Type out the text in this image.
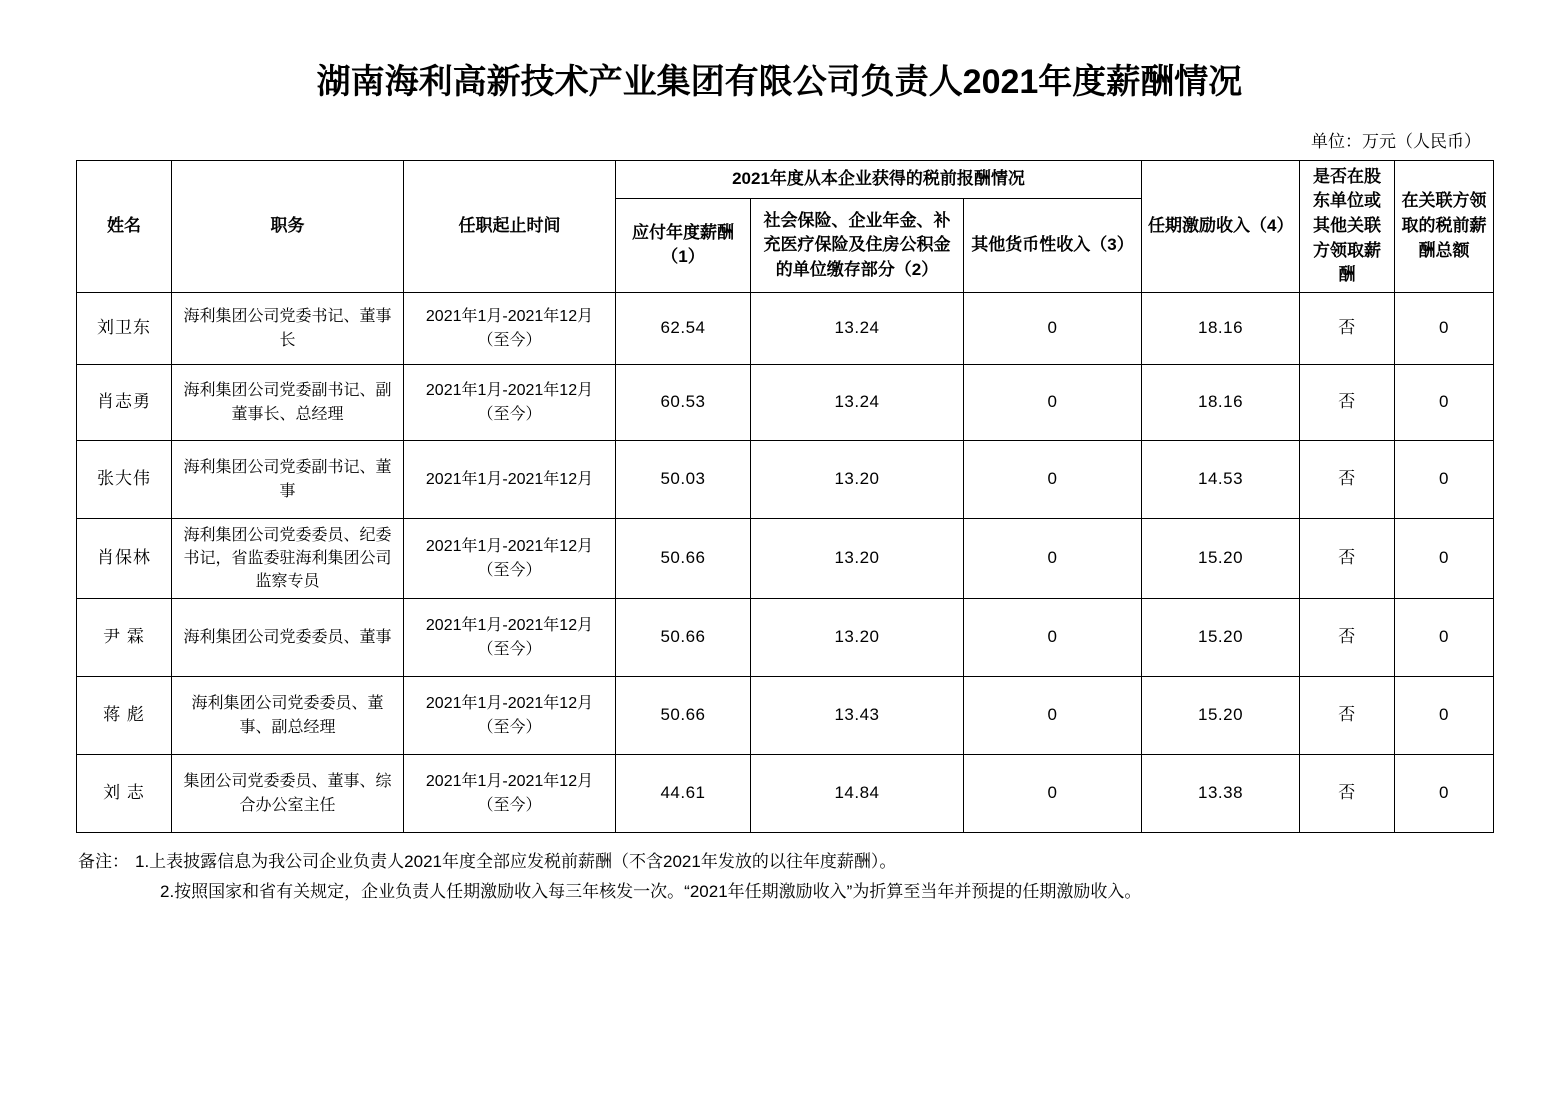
湖南海利高新技术产业集团有限公司负责人2021年度薪酬情况
单位：万元（人民币）
姓名	职务	任职起止时间	2021年度从本企业获得的税前报酬情况			任期激励收入（4）	是否在股东单位或其他关联方领取薪酬	在关联方领取的税前薪酬总额
			应付年度薪酬（1）	社会保险、企业年金、补充医疗保险及住房公积金的单位缴存部分（2）	其他货币性收入（3）			
刘卫东	海利集团公司党委书记、董事长	2021年1月-2021年12月（至今）	62.54	13.24	0	18.16	否	0
肖志勇	海利集团公司党委副书记、副董事长、总经理	2021年1月-2021年12月（至今）	60.53	13.24	0	18.16	否	0
张大伟	海利集团公司党委副书记、董事	2021年1月-2021年12月	50.03	13.20	0	14.53	否	0
肖保林	海利集团公司党委委员、纪委书记，省监委驻海利集团公司监察专员	2021年1月-2021年12月（至今）	50.66	13.20	0	15.20	否	0
尹 霖	海利集团公司党委委员、董事	2021年1月-2021年12月（至今）	50.66	13.20	0	15.20	否	0
蒋 彪	海利集团公司党委委员、董事、副总经理	2021年1月-2021年12月（至今）	50.66	13.43	0	15.20	否	0
刘 志	集团公司党委委员、董事、综合办公室主任	2021年1月-2021年12月（至今）	44.61	14.84	0	13.38	否	0
备注： 1.上表披露信息为我公司企业负责人2021年度全部应发税前薪酬（不含2021年发放的以往年度薪酬）。
2.按照国家和省有关规定，企业负责人任期激励收入每三年核发一次。“2021年任期激励收入”为折算至当年并预提的任期激励收入。
